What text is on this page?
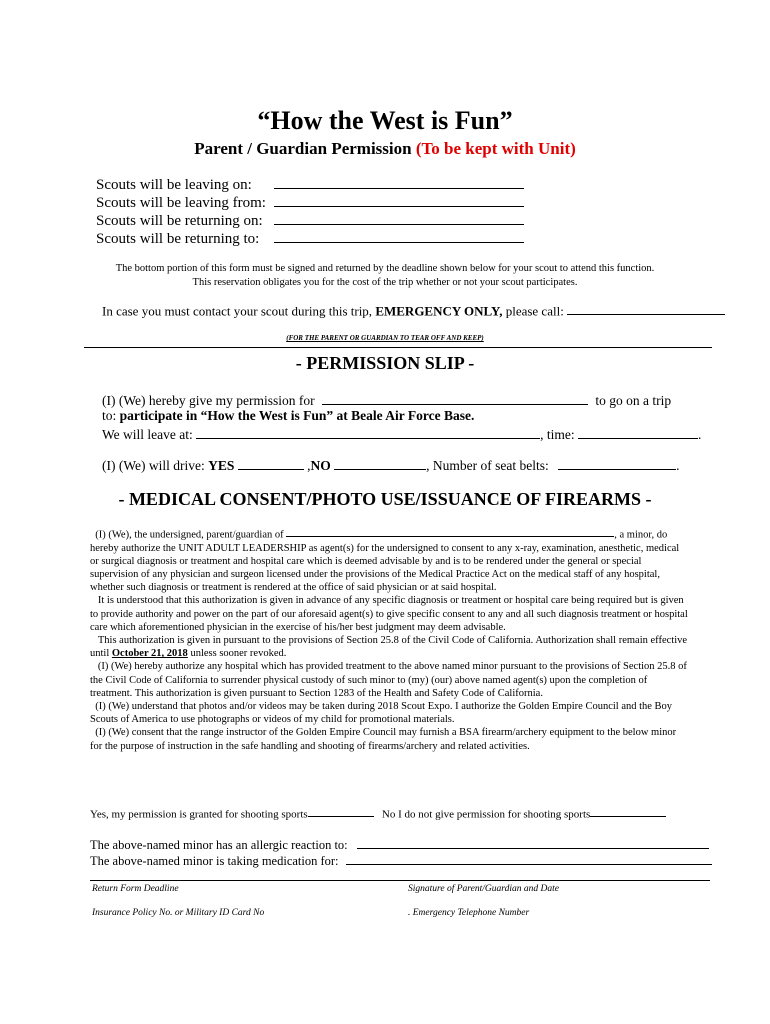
“How the West is Fun”
Parent / Guardian Permission (To be kept with Unit)
Scouts will be leaving on:
Scouts will be leaving from:
Scouts will be returning on:
Scouts will be returning to:
The bottom portion of this form must be signed and returned by the deadline shown below for your scout to attend this function.
This reservation obligates you for the cost of the trip whether or not your scout participates.
In case you must contact your scout during this trip, EMERGENCY ONLY, please call:
(FOR THE PARENT OR GUARDIAN TO TEAR OFF AND KEEP)
- PERMISSION SLIP -
(I) (We) hereby give my permission for	to go on a trip
to: participate in “How the West is Fun” at Beale Air Force Base.
We will leave at:	, time:	.
(I) (We) will drive: YES	,NO	, Number of seat belts:	.
- MEDICAL CONSENT/PHOTO USE/ISSUANCE OF FIREARMS -

(I) (We), the undersigned, parent/guardian of	, a minor, do hereby authorize the UNIT ADULT LEADERSHIP as agent(s) for the undersigned to consent to any x-ray, examination, anesthetic, medical or surgical diagnosis or treatment and hospital care which is deemed advisable by and is to be rendered under the general or special supervision of any physician and surgeon licensed under the provisions of the Medical Practice Act on the medical staff of any hospital, whether such diagnosis or treatment is rendered at the office of said physician or at said hospital.

It is understood that this authorization is given in advance of any specific diagnosis or treatment or hospital care being required but is given to provide authority and power on the part of our aforesaid agent(s) to give specific consent to any and all such diagnosis treatment or hospital care which aforementioned physician in the exercise of his/her best judgment may deem advisable.

This authorization is given in pursuant to the provisions of Section 25.8 of the Civil Code of California. Authorization shall remain effective until October 21, 2018 unless sooner revoked.

(I) (We) hereby authorize any hospital which has provided treatment to the above named minor pursuant to the provisions of Section 25.8 of the Civil Code of California to surrender physical custody of such minor to (my) (our) above named agent(s) upon the completion of treatment. This authorization is given pursuant to Section 1283 of the Health and Safety Code of California.

(I) (We) understand that photos and/or videos may be taken during 2018 Scout Expo. I authorize the Golden Empire Council and the Boy Scouts of America to use photographs or videos of my child for promotional materials.

(I) (We) consent that the range instructor of the Golden Empire Council may furnish a BSA firearm/archery equipment to the below minor for the purpose of instruction in the safe handling and shooting of firearms/archery and related activities.

Yes, my permission is granted for shooting sports	No I do not give permission for shooting sports
The above-named minor has an allergic reaction to:
The above-named minor is taking medication for:
Return Form Deadline	Signature of Parent/Guardian and Date
Insurance Policy No. or Military ID Card No	. Emergency Telephone Number
